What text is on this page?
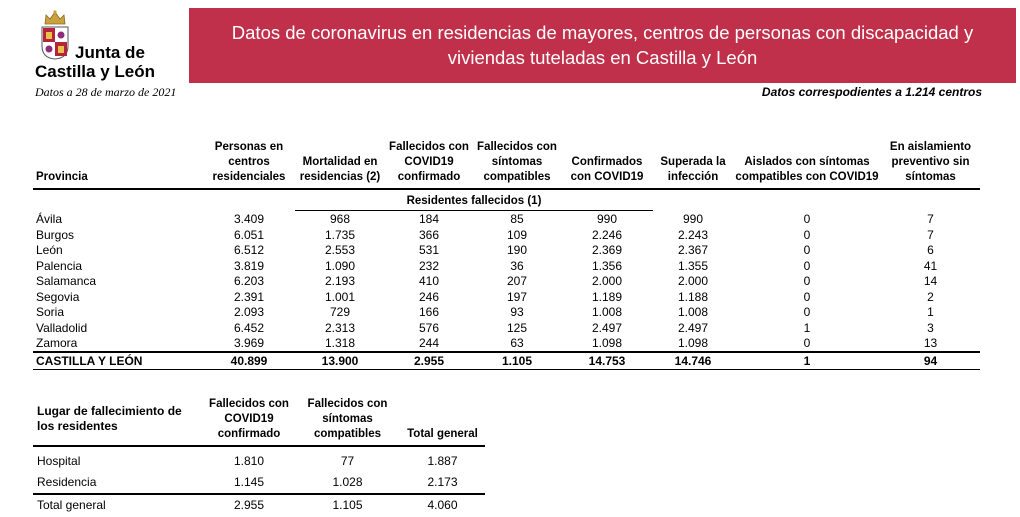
Junta de
Castilla y León
Datos a 28 de marzo de 2021
Datos de coronavirus en residencias de mayores, centros de personas con discapacidad y viviendas tuteladas en Castilla y León
Datos correspodientes a 1.214 centros
Provincia	Personas en centros residenciales	Mortalidad en residencias (2)	Fallecidos con COVID19 confirmado	Fallecidos con síntomas compatibles	Confirmados con COVID19	Superada la infección	Aislados con síntomas compatibles con COVID19	En aislamiento preventivo sin síntomas
		Residentes fallecidos (1)						
Ávila	3.409	968	184	85	990	990	0	7
Burgos	6.051	1.735	366	109	2.246	2.243	0	7
León	6.512	2.553	531	190	2.369	2.367	0	6
Palencia	3.819	1.090	232	36	1.356	1.355	0	41
Salamanca	6.203	2.193	410	207	2.000	2.000	0	14
Segovia	2.391	1.001	246	197	1.189	1.188	0	2
Soria	2.093	729	166	93	1.008	1.008	0	1
Valladolid	6.452	2.313	576	125	2.497	2.497	1	3
Zamora	3.969	1.318	244	63	1.098	1.098	0	13
CASTILLA Y LEÓN	40.899	13.900	2.955	1.105	14.753	14.746	1	94
Lugar de fallecimiento de los residentes	Fallecidos con COVID19 confirmado	Fallecidos con síntomas compatibles	Total general
Hospital	1.810	77	1.887
Residencia	1.145	1.028	2.173
Total general	2.955	1.105	4.060
